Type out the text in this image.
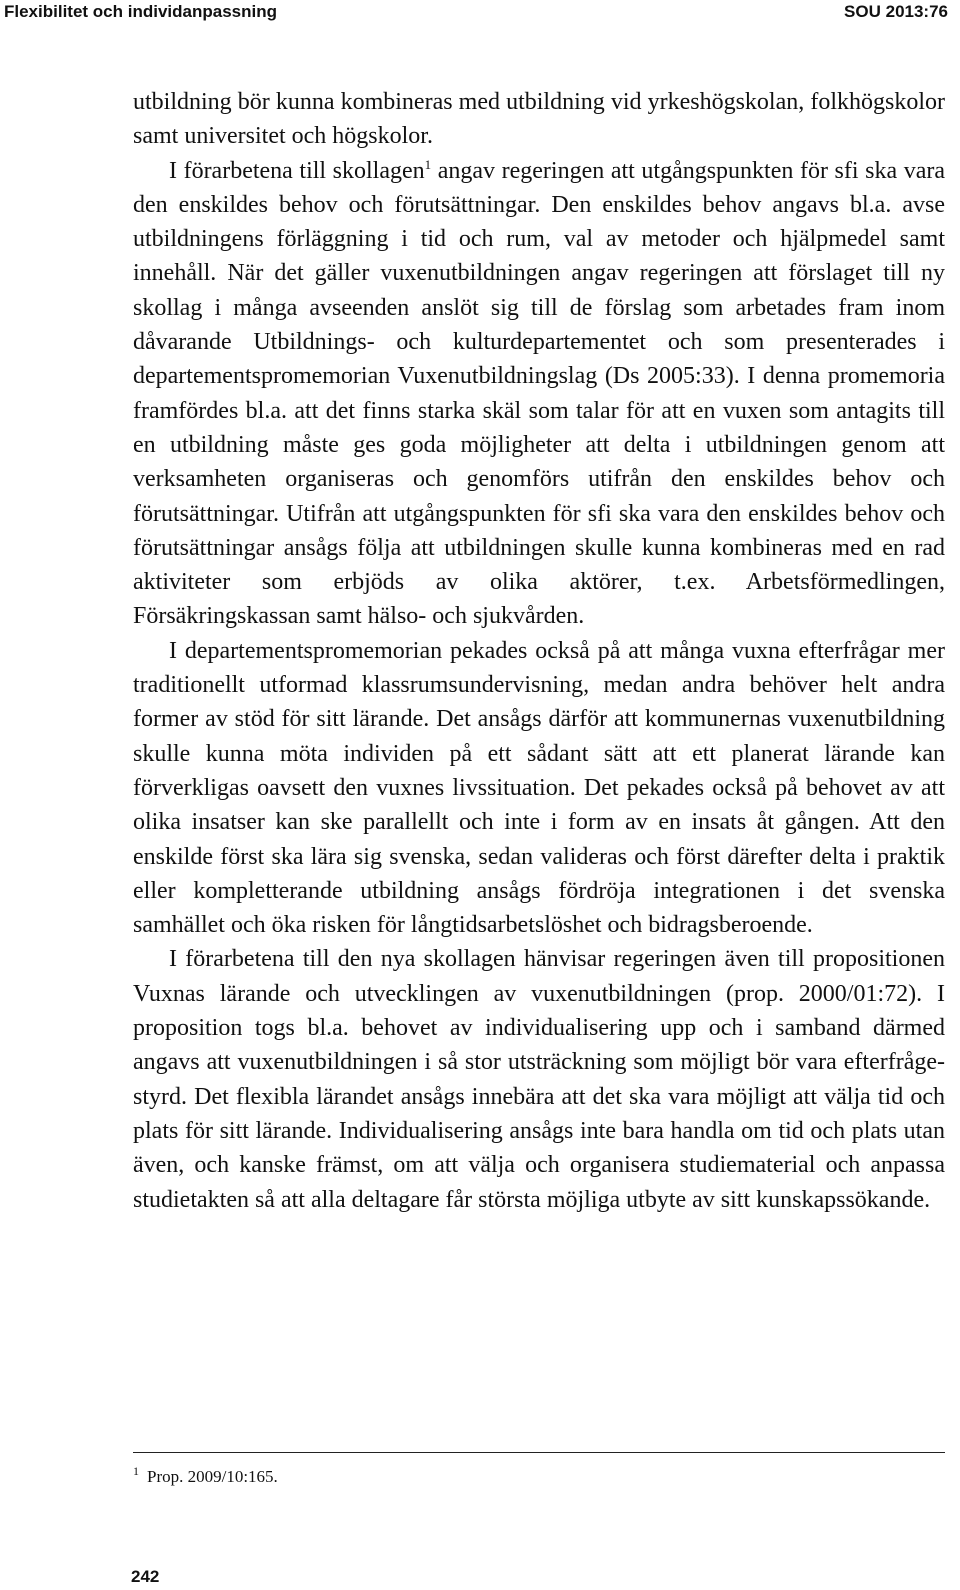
Flexibilitet och individanpassning	SOU 2013:76

utbildning bör kunna kombineras med utbildning vid yrkeshögskolan, folkhögskolor samt universitet och högskolor.

I förarbetena till skollagen$^1$ angav regeringen att utgångspunkten för sfi ska vara den enskildes behov och förutsättningar. Den enskildes behov angavs bl.a. avse utbildningens förläggning i tid och rum, val av metoder och hjälpmedel samt innehåll. När det gäller vuxenutbildningen angav regeringen att förslaget till ny skollag i många avseenden anslöt sig till de förslag som arbetades fram inom dåvarande Utbildnings- och kulturdepartementet och som presenterades i departementspromemorian Vuxenutbildningslag (Ds 2005:33). I denna promemoria framfördes bl.a. att det finns starka skäl som talar för att en vuxen som antagits till en utbildning måste ges goda möjligheter att delta i utbildningen genom att verksamheten organiseras och genomförs utifrån den enskildes behov och förutsättningar. Utifrån att utgångspunkten för sfi ska vara den enskildes behov och förutsättningar ansågs följa att utbildningen skulle kunna kombineras med en rad aktiviteter som erbjöds av olika aktörer, t.ex. Arbetsförmedlingen, Försäkringskassan samt hälso- och sjukvården.

I departementspromemorian pekades också på att många vuxna efterfrågar mer traditionellt utformad klassrumsundervisning, medan andra behöver helt andra former av stöd för sitt lärande. Det ansågs därför att kommunernas vuxenutbildning skulle kunna möta individen på ett sådant sätt att ett planerat lärande kan förverkligas oavsett den vuxnes livssituation. Det pekades också på behovet av att olika insatser kan ske parallellt och inte i form av en insats åt gången. Att den enskilde först ska lära sig svenska, sedan valideras och först därefter delta i praktik eller kompletterande utbildning ansågs fördröja integrationen i det svenska samhället och öka risken för långtidsarbetslöshet och bidragsberoende.

I förarbetena till den nya skollagen hänvisar regeringen även till propositionen Vuxnas lärande och utvecklingen av vuxenutbildningen (prop. 2000/01:72). I proposition togs bl.a. behovet av individualisering upp och i samband därmed angavs att vuxenutbildningen i så stor utsträckning som möjligt bör vara efterfrågestyrd. Det flexibla lärandet ansågs innebära att det ska vara möjligt att välja tid och plats för sitt lärande. Individualisering ansågs inte bara handla om tid och plats utan även, och kanske främst, om att välja och organisera studiematerial och anpassa studietakten så att alla deltagare får största möjliga utbyte av sitt kunskapssökande.

$^1$ Prop. 2009/10:165.
242
